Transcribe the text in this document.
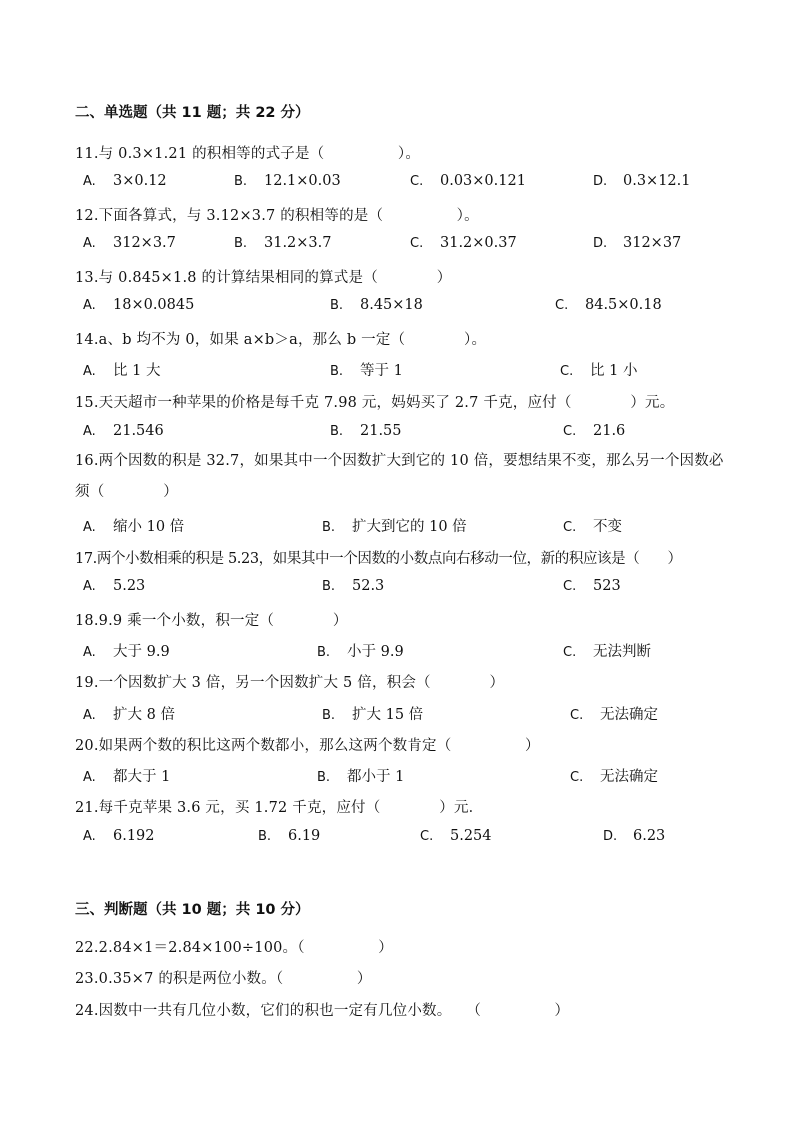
二、单选题（共 11 题；共 22 分）
11.与 0.3×1.21 的积相等的式子是（　　　　　）。
A. 3×0.12	B. 12.1×0.03	C. 0.03×0.121	D. 0.3×12.1
12.下面各算式，与 3.12×3.7 的积相等的是（　　　　　）。
A. 312×3.7	B. 31.2×3.7	C. 31.2×0.37	D. 312×37
13.与 0.845×1.8 的计算结果相同的算式是（　　　　）
A. 18×0.0845	B. 8.45×18	C. 84.5×0.18
14.a、b 均不为 0，如果 a×b＞a，那么 b 一定（　　　　）。
A. 比 1 大	B. 等于 1	C. 比 1 小
15.天天超市一种苹果的价格是每千克 7.98 元，妈妈买了 2.7 千克，应付（　　　　）元。
A. 21.546	B. 21.55	C. 21.6
16.两个因数的积是 32.7，如果其中一个因数扩大到它的 10 倍，要想结果不变，那么另一个因数必须（　　　　）
A. 缩小 10 倍	B. 扩大到它的 10 倍	C. 不变
17.两个小数相乘的积是 5.23，如果其中一个因数的小数点向右移动一位，新的积应该是（　　）
A. 5.23	B. 52.3	C. 523
18.9.9 乘一个小数，积一定（　　　　）
A. 大于 9.9	B. 小于 9.9	C. 无法判断
19.一个因数扩大 3 倍，另一个因数扩大 5 倍，积会（　　　　）
A. 扩大 8 倍	B. 扩大 15 倍	C. 无法确定
20.如果两个数的积比这两个数都小，那么这两个数肯定（　　　　　）
A. 都大于 1	B. 都小于 1	C. 无法确定
21.每千克苹果 3.6 元，买 1.72 千克，应付（　　　　）元．
A. 6.192	B. 6.19	C. 5.254	D. 6.23
三、判断题（共 10 题；共 10 分）
22.2.84×1＝2.84×100÷100。（　　　　　）
23.0.35×7 的积是两位小数。（　　　　　）
24.因数中一共有几位小数，它们的积也一定有几位小数。　　（　　　　　）
